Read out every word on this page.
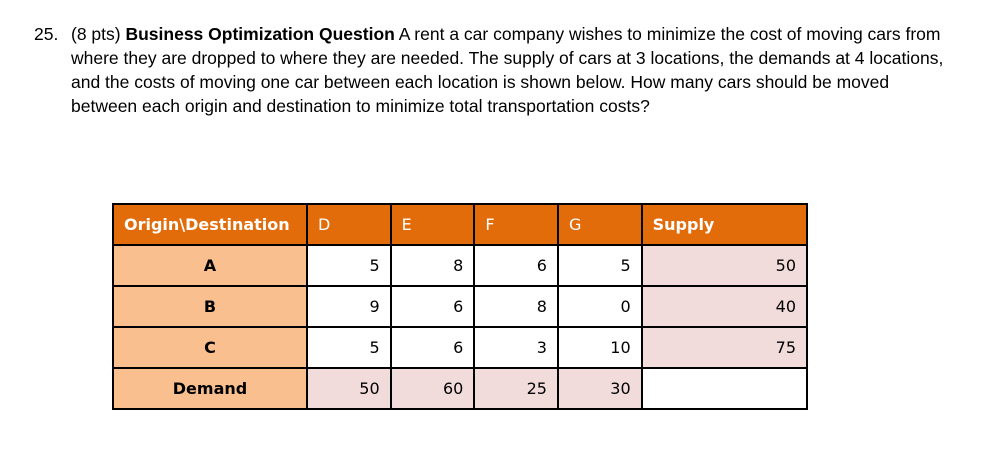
25. (8 pts) Business Optimization Question A rent a car company wishes to minimize the cost of moving cars from where they are dropped to where they are needed. The supply of cars at 3 locations, the demands at 4 locations, and the costs of moving one car between each location is shown below. How many cars should be moved between each origin and destination to minimize total transportation costs?
Origin\Destination	D	E	F	G	Supply
A	5	8	6	5	50
B	9	6	8	0	40
C	5	6	3	10	75
Demand	50	60	25	30	
